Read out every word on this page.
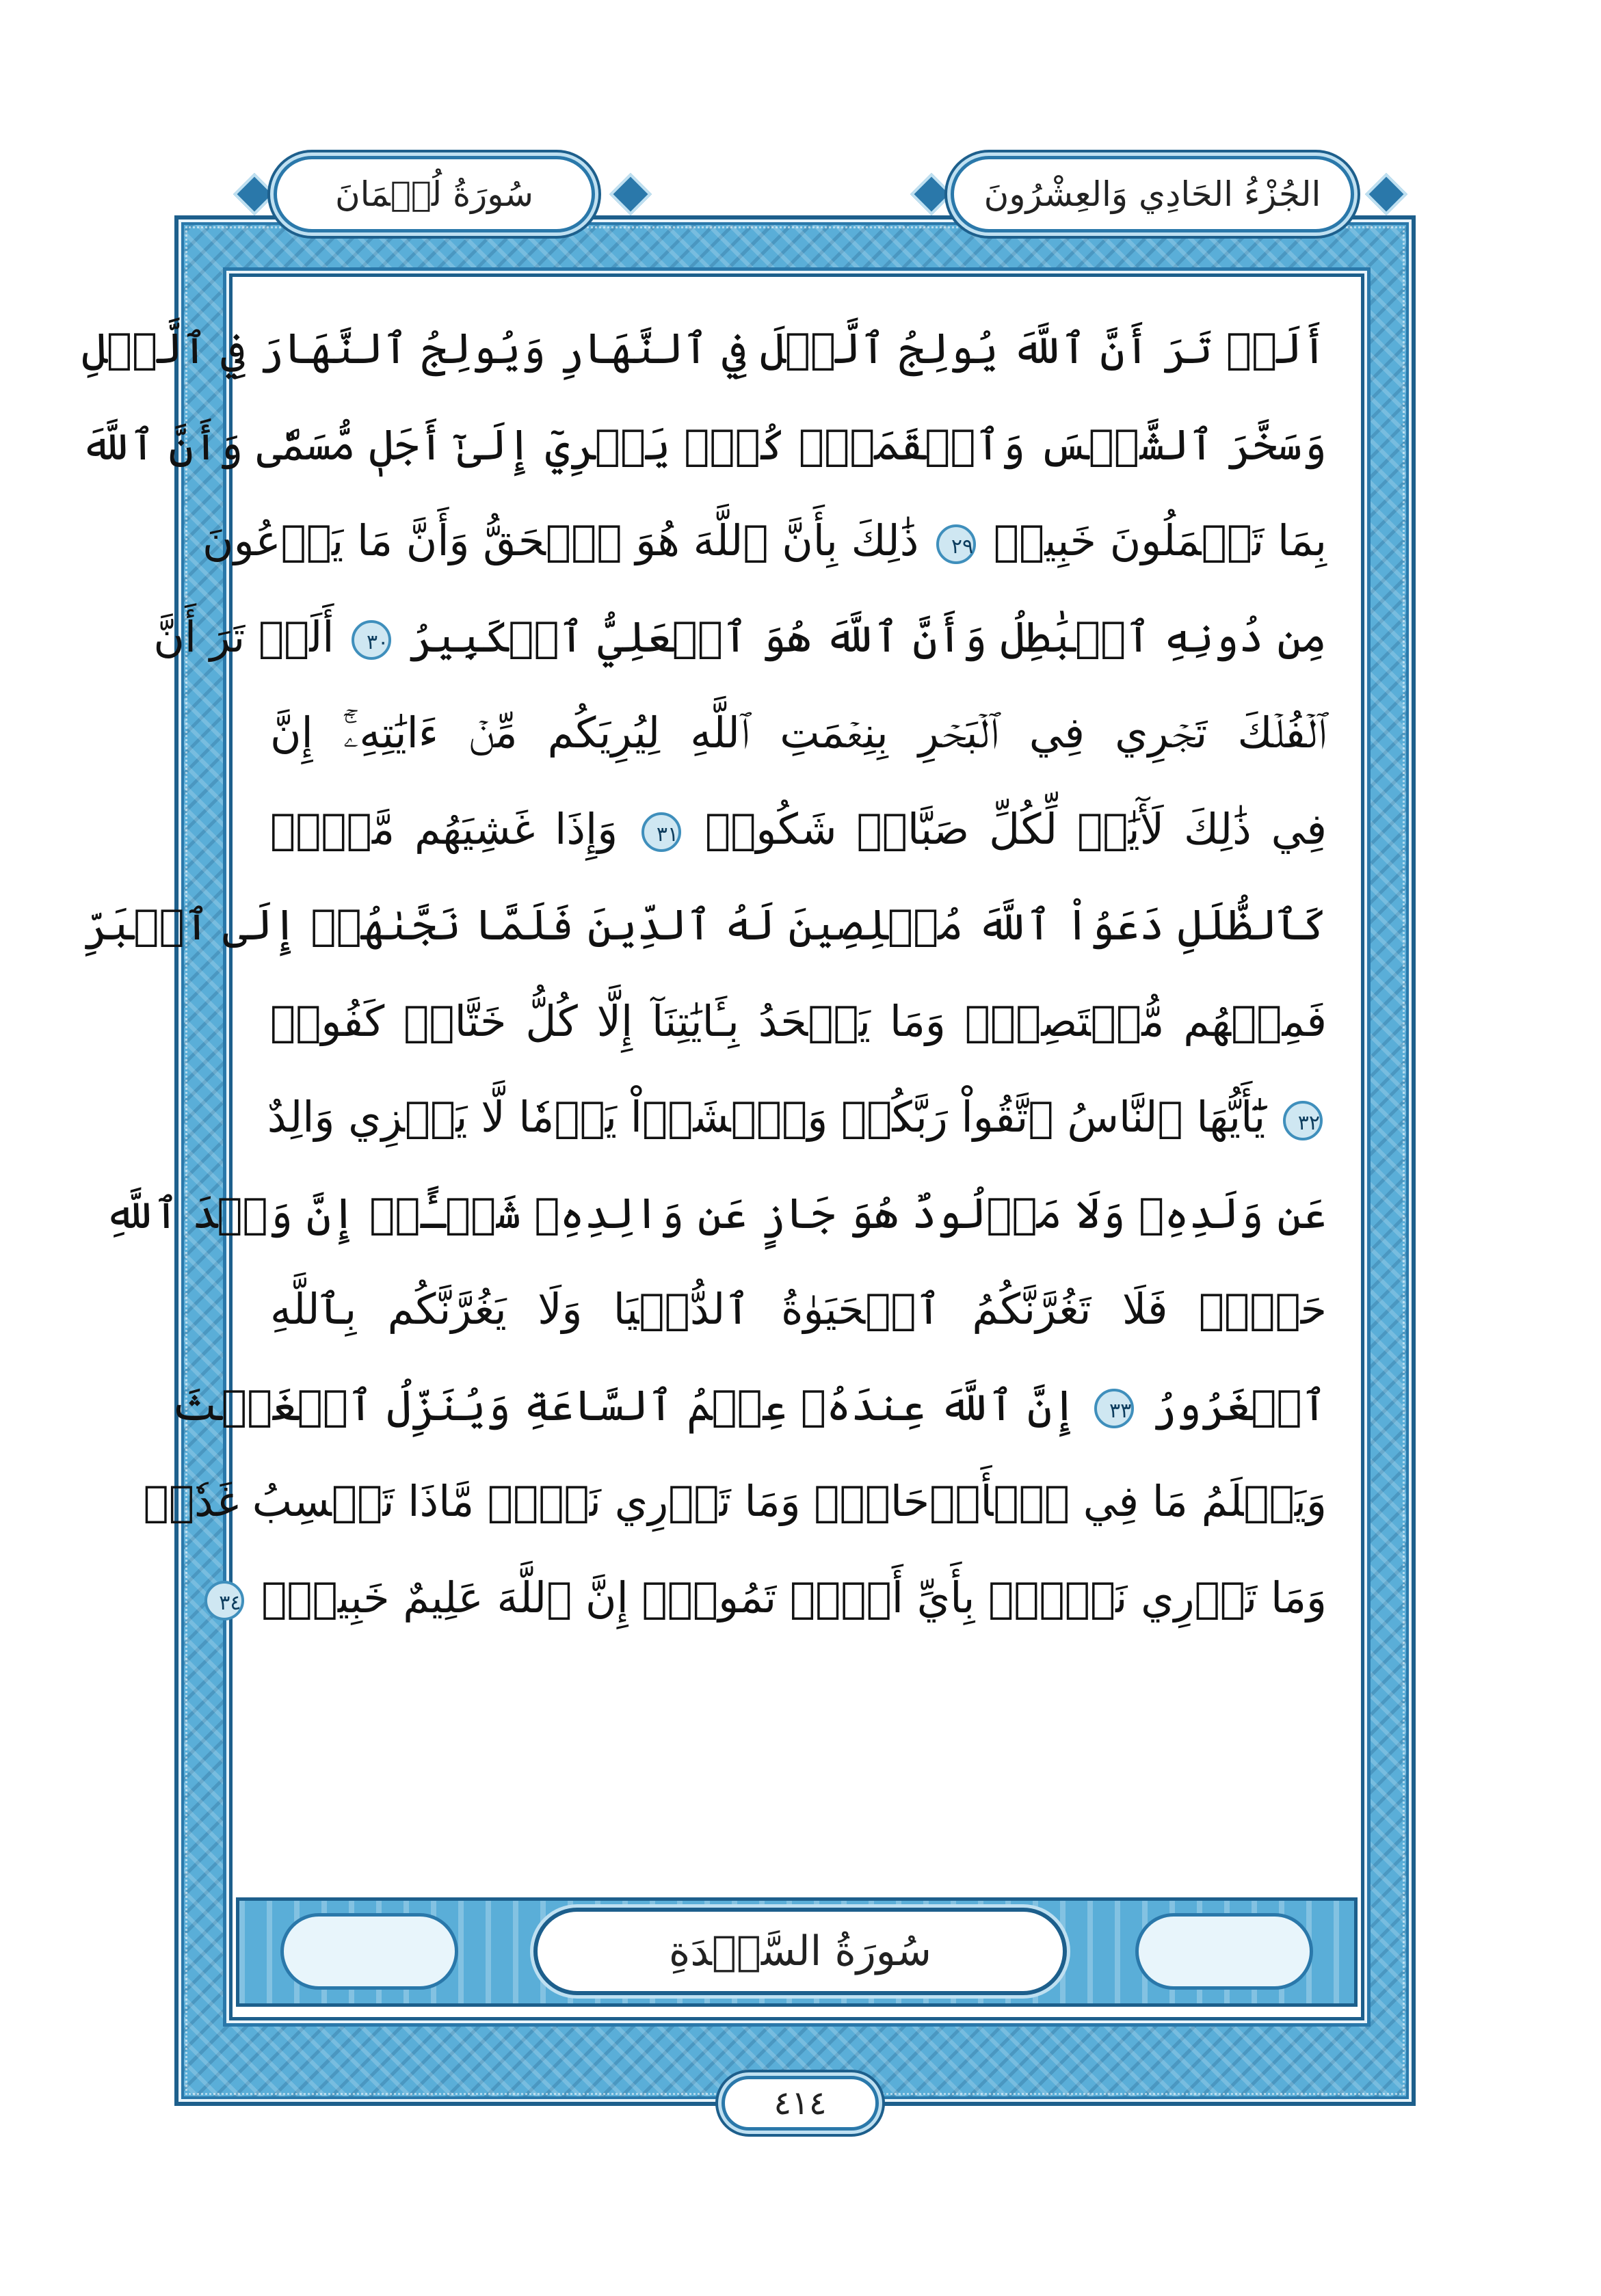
الجُزْءُ الحَادِي وَالعِشْرُونَ
سُورَةُ لُقۡمَانَ
أَلَمۡ تَرَ أَنَّ ٱللَّهَ يُولِجُ ٱلَّيۡلَ فِي ٱلنَّهَارِ وَيُولِجُ ٱلنَّهَارَ فِي ٱلَّيۡلِ
وَسَخَّرَ ٱلشَّمۡسَ وَٱلۡقَمَرَۖ كُلّٞ يَجۡرِيٓ إِلَىٰٓ أَجَلٖ مُّسَمّٗى وَأَنَّ ٱللَّهَ
بِمَا تَعۡمَلُونَ خَبِيرٞ ٢٩ ذَٰلِكَ بِأَنَّ ٱللَّهَ هُوَ ٱلۡحَقُّ وَأَنَّ مَا يَدۡعُونَ
مِن دُونِهِ ٱلۡبَٰطِلُ وَأَنَّ ٱللَّهَ هُوَ ٱلۡعَلِيُّ ٱلۡكَبِيرُ ٣٠ أَلَمۡ تَرَ أَنَّ
ٱلۡفُلۡكَ تَجۡرِي فِي ٱلۡبَحۡرِ بِنِعۡمَتِ ٱللَّهِ لِيُرِيَكُم مِّنۡ ءَايَٰتِهِۦٓۚ إِنَّ
فِي ذَٰلِكَ لَأٓيَٰتٖ لِّكُلِّ صَبَّارٖ شَكُورٖ ٣١ وَإِذَا غَشِيَهُم مَّوۡجٞ
كَٱلظُّلَلِ دَعَوُاْ ٱللَّهَ مُخۡلِصِينَ لَهُ ٱلدِّينَ فَلَمَّا نَجَّىٰهُمۡ إِلَى ٱلۡبَرِّ
فَمِنۡهُم مُّقۡتَصِدٞۚ وَمَا يَجۡحَدُ بِـَٔايَٰتِنَآ إِلَّا كُلُّ خَتَّارٖ كَفُورٖ
٣٢ يَٰٓأَيُّهَا ٱلنَّاسُ ٱتَّقُواْ رَبَّكُمۡ وَٱخۡشَوۡاْ يَوۡمٗا لَّا يَجۡزِي وَالِدٌ
عَن وَلَدِهِۦ وَلَا مَوۡلُودٌ هُوَ جَازٍ عَن وَالِدِهِۦ شَيۡـًٔاۚ إِنَّ وَعۡدَ ٱللَّهِ
حَقّٞۖ فَلَا تَغُرَّنَّكُمُ ٱلۡحَيَوٰةُ ٱلدُّنۡيَا وَلَا يَغُرَّنَّكُم بِٱللَّهِ
ٱلۡغَرُورُ ٣٣ إِنَّ ٱللَّهَ عِندَهُۥ عِلۡمُ ٱلسَّاعَةِ وَيُنَزِّلُ ٱلۡغَيۡثَ
وَيَعۡلَمُ مَا فِي ٱلۡأَرۡحَامِۖ وَمَا تَدۡرِي نَفۡسٞ مَّاذَا تَكۡسِبُ غَدٗاۖ
وَمَا تَدۡرِي نَفۡسُۢ بِأَيِّ أَرۡضٖ تَمُوتُۚ إِنَّ ٱللَّهَ عَلِيمٌ خَبِيرُۢ ٣٤
سُورَةُ السَّجۡدَةِ
٤١٤
